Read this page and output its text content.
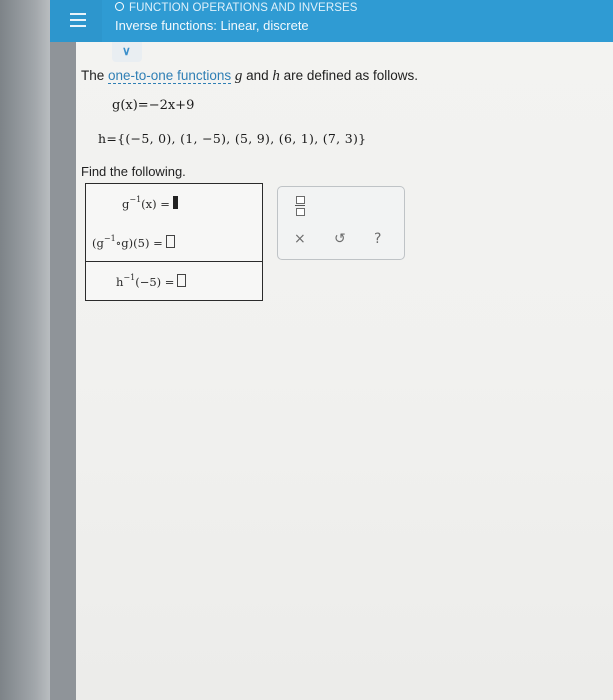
FUNCTION OPERATIONS AND INVERSES
Inverse functions: Linear, discrete
∨
The one-to-one functions g and h are defined as follows.
g(x)=−2x+9
h={(−5, 0), (1, −5), (5, 9), (6, 1), (7, 3)}
Find the following.
$g^{-1}(x)$ =
$(g^{-1}\circ g)(5)$ =
$h^{-1}(-5)$ =
× ↺ ?
